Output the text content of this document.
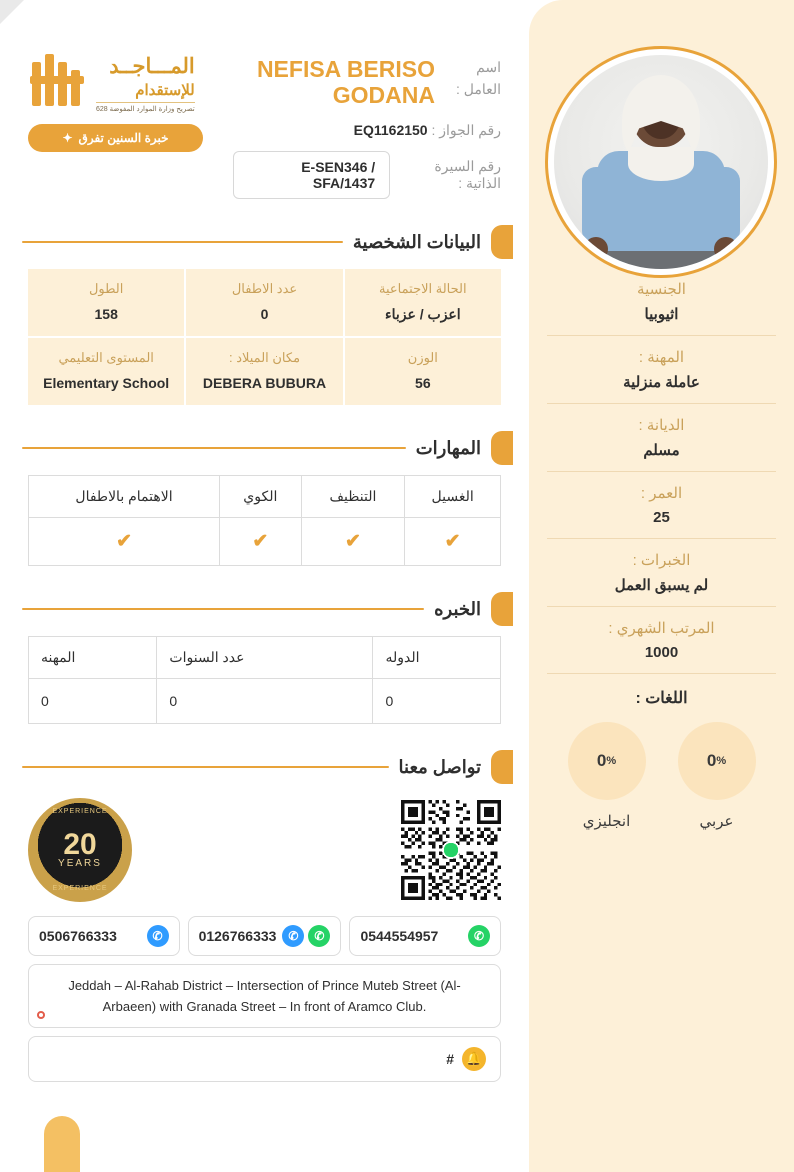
الجنسية
اثيوبيا
المهنة :
عاملة منزلية
الديانة :
مسلم
العمر :
25
الخبرات :
لم يسبق العمل
المرتب الشهري :
1000
اللغات :
0 %
انجليزي
0 %
عربي
المـــاجــد
للإستقدام
تصريح وزارة الموارد المفوضة 628
خبرة السنين تفرق
✦
اسم العامل :
NEFISA BERISO GODANA
رقم الجواز : EQ1162150
رقم السيرة الذاتية :
E-SEN346 / SFA/1437
البيانات الشخصية
الحالة الاجتماعية
اعزب / عزباء
عدد الاطفال
0
الطول
158
الوزن
56
مكان الميلاد :
DEBERA BUBURA
المستوى التعليمي
Elementary School
المهارات
الغسيل	التنظيف	الكوي	الاهتمام بالاطفال
✔	✔	✔	✔
الخبره
الدوله	عدد السنوات	المهنه
0	0	0
تواصل معنا
EXPERIENCE
20
YEARS
EXPERIENCE
0506766333	✆	0126766333 ✆	✆	0544554957	✆
Jeddah – Al-Rahab District – Intersection of Prince Muteb Street (Al-Arbaeen) with Granada Street – In front of Aramco Club.
# 🔔
